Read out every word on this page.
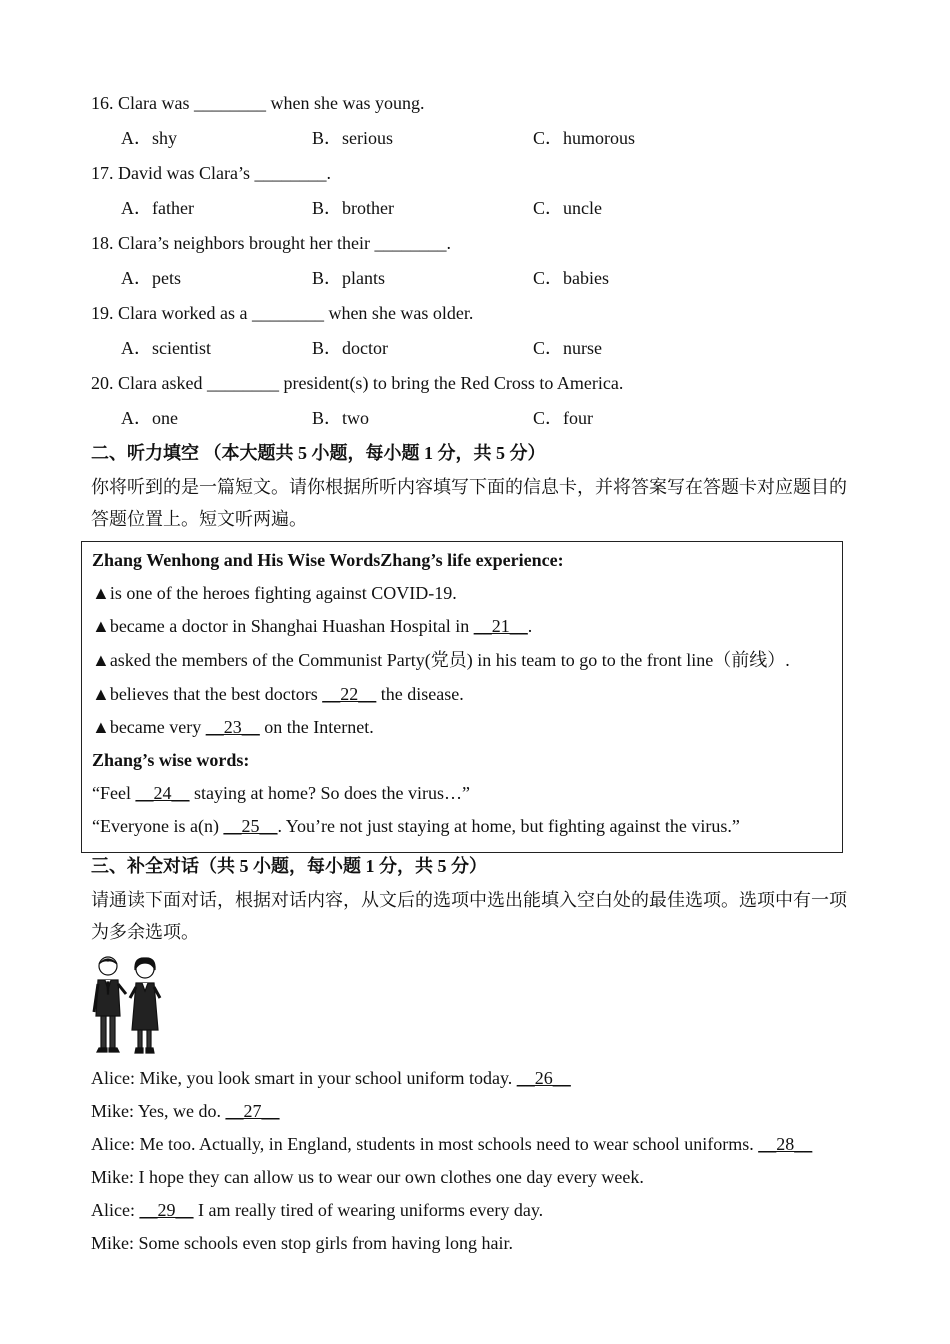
16. Clara was ________ when she was young.
A．shy	B．serious	C．humorous
17. David was Clara’s ________.
A．father	B．brother	C．uncle
18. Clara’s neighbors brought her their ________.
A．pets	B．plants	C．babies
19. Clara worked as a ________ when she was older.
A．scientist	B．doctor	C．nurse
20. Clara asked ________ president(s) to bring the Red Cross to America.
A．one	B．two	C．four
二、听力填空 （本大题共 5 小题，每小题 1 分，共 5 分）
你将听到的是一篇短文。请你根据所听内容填写下面的信息卡，并将答案写在答题卡对应题目的答题位置上。短文听两遍。
Zhang Wenhong and His Wise WordsZhang’s life experience:
▲is one of the heroes fighting against COVID-19.
▲became a doctor in Shanghai Huashan Hospital in __21__.
▲asked the members of the Communist Party(党员) in his team to go to the front line（前线）.
▲believes that the best doctors __22__ the disease.
▲became very __23__ on the Internet.
Zhang’s wise words:
“Feel __24__ staying at home? So does the virus…”
“Everyone is a(n) __25__. You’re not just staying at home, but fighting against the virus.”
三、补全对话（共 5 小题，每小题 1 分，共 5 分）
请通读下面对话，根据对话内容，从文后的选项中选出能填入空白处的最佳选项。选项中有一项为多余选项。
Alice: Mike, you look smart in your school uniform today. __26__
Mike: Yes, we do. __27__
Alice: Me too. Actually, in England, students in most schools need to wear school uniforms. __28__
Mike: I hope they can allow us to wear our own clothes one day every week.
Alice: __29__ I am really tired of wearing uniforms every day.
Mike: Some schools even stop girls from having long hair.
